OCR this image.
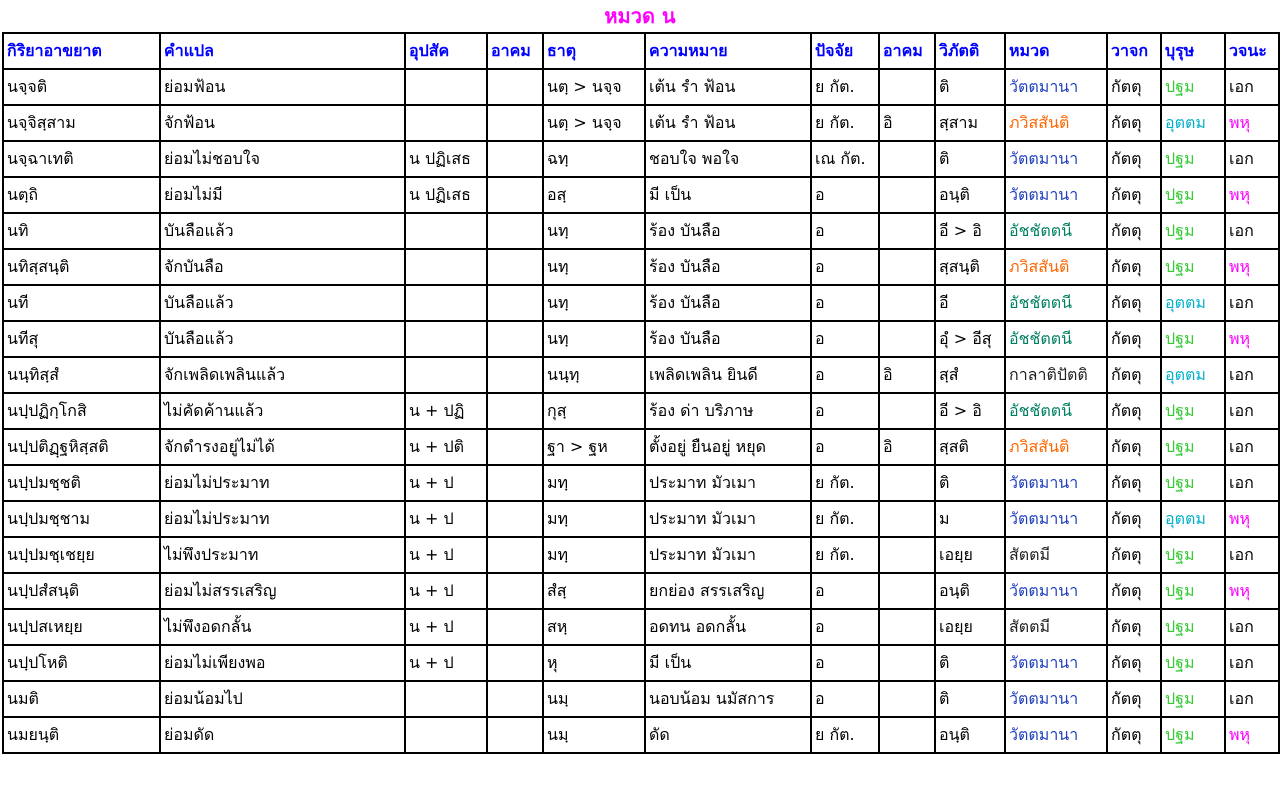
หมวด น
กิริยาอาขยาต	คำแปล	อุปสัค	อาคม	ธาตุ	ความหมาย	ปัจจัย	อาคม	วิภัตติ	หมวด	วาจก	บุรุษ	วจนะ
นจฺจติ	ย่อมฟ้อน			นตฺ > นจฺจ	เต้น รำ ฟ้อน	ย กัต.		ติ	วัตตมานา	กัตตุ	ปฐม	เอก
นจฺจิสฺสาม	จักฟ้อน			นตฺ > นจฺจ	เต้น รำ ฟ้อน	ย กัต.	อิ	สฺสาม	ภวิสสันติ	กัตตุ	อุตตม	พหุ
นจฺฉาเทติ	ย่อมไม่ชอบใจ	น ปฏิเสธ		ฉทฺ	ชอบใจ พอใจ	เณ กัต.		ติ	วัตตมานา	กัตตุ	ปฐม	เอก
นตฺถิ	ย่อมไม่มี	น ปฏิเสธ		อสฺ	มี เป็น	อ		อนฺติ	วัตตมานา	กัตตุ	ปฐม	พหุ
นทิ	บันลือแล้ว			นทฺ	ร้อง บันลือ	อ		อี > อิ	อัชชัตตนี	กัตตุ	ปฐม	เอก
นทิสฺสนฺติ	จักบันลือ			นทฺ	ร้อง บันลือ	อ		สฺสนฺติ	ภวิสสันติ	กัตตุ	ปฐม	พหุ
นที	บันลือแล้ว			นทฺ	ร้อง บันลือ	อ		อี	อัชชัตตนี	กัตตุ	อุตตม	เอก
นทีสุ	บันลือแล้ว			นทฺ	ร้อง บันลือ	อ		อุํ > อีสุ	อัชชัตตนี	กัตตุ	ปฐม	พหุ
นนฺทิสฺสํ	จักเพลิดเพลินแล้ว			นนฺทฺ	เพลิดเพลิน ยินดี	อ	อิ	สฺสํ	กาลาติปัตติ	กัตตุ	อุตตม	เอก
นปฺปฏิกฺโกสิ	ไม่คัดค้านแล้ว	น + ปฏิ		กุสฺ	ร้อง ด่า บริภาษ	อ		อี > อิ	อัชชัตตนี	กัตตุ	ปฐม	เอก
นปฺปติฏฺฐหิสฺสติ	จักดำรงอยู่ไม่ได้	น + ปติ		ฐา > ฐห	ตั้งอยู่ ยืนอยู่ หยุด	อ	อิ	สฺสติ	ภวิสสันติ	กัตตุ	ปฐม	เอก
นปฺปมชฺชติ	ย่อมไม่ประมาท	น + ป		มทฺ	ประมาท มัวเมา	ย กัต.		ติ	วัตตมานา	กัตตุ	ปฐม	เอก
นปฺปมชฺชาม	ย่อมไม่ประมาท	น + ป		มทฺ	ประมาท มัวเมา	ย กัต.		ม	วัตตมานา	กัตตุ	อุตตม	พหุ
นปฺปมชฺเชยฺย	ไม่พึงประมาท	น + ป		มทฺ	ประมาท มัวเมา	ย กัต.		เอยฺย	สัตตมี	กัตตุ	ปฐม	เอก
นปฺปสํสนฺติ	ย่อมไม่สรรเสริญ	น + ป		สํสฺ	ยกย่อง สรรเสริญ	อ		อนฺติ	วัตตมานา	กัตตุ	ปฐม	พหุ
นปฺปสเหยฺย	ไม่พึงอดกลั้น	น + ป		สหฺ	อดทน อดกลั้น	อ		เอยฺย	สัตตมี	กัตตุ	ปฐม	เอก
นปฺปโหติ	ย่อมไม่เพียงพอ	น + ป		หุ	มี เป็น	อ		ติ	วัตตมานา	กัตตุ	ปฐม	เอก
นมติ	ย่อมน้อมไป			นมฺ	นอบน้อม นมัสการ	อ		ติ	วัตตมานา	กัตตุ	ปฐม	เอก
นมยนฺติ	ย่อมดัด			นมฺ	ดัด	ย กัต.		อนฺติ	วัตตมานา	กัตตุ	ปฐม	พหุ
